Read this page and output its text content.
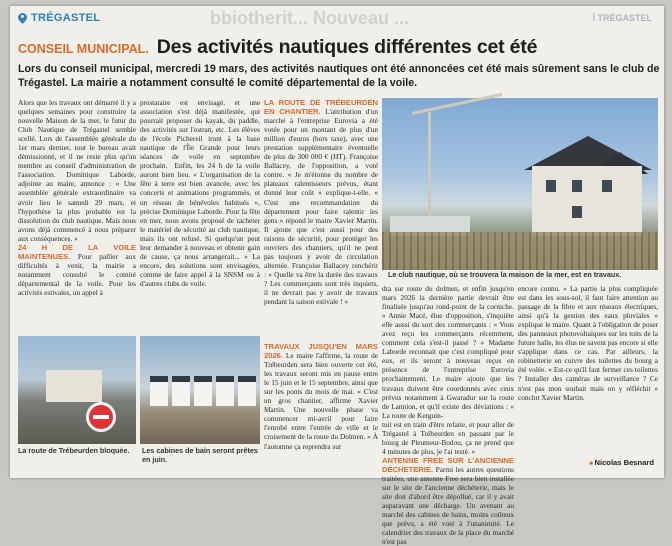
bbiotherit... Nouveau ...	Í TRÉGASTEL
TRÉGASTEL
CONSEIL MUNICIPAL. Des activités nautiques différentes cet été

Lors du conseil municipal, mercredi 19 mars, des activités nautiques ont été annoncées cet été mais sûrement sans le club de

Trégastel. La mairie a notamment consulté le comité départemental de la voile.

Alors que les travaux ont démarré il y a quelques semaines pour construire la nouvelle Maison de la mer, le futur du Club Nautique de Trégastel semble scellé. Lors de l'assemblée générale du 1er mars dernier, tout le bureau avait démissionné, et il ne reste plus qu'un membre au conseil d'administration de l'association. Dominique Laborde, adjointe au maire, annonce : « Une assemblée générale extraordinaire va avoir lieu le samedi 29 mars, et l'hypothèse la plus probable est la dissolution du club nautique. Mais nous avons déjà commencé à nous préparer aux conséquences. »

24 H DE LA VOILE MAINTENUES. Pour pallier aux difficultés à venir, la mairie a notamment consulté le comité départemental de la voile. Pour les activités estivales, un appel à

prestataire est envisagé, et une association s'est déjà manifestée, qui pourrait proposer du kayak, du paddle, des activités sur l'estran, etc. Les élèves de l'école Pichereil iront à la base nautique de l'Île Grande pour leurs séances de voile en septembre prochain.  Enfin, les 24 h de la voile auront bien lieu. « L'organisation de la fête à terre est bien avancée, avec les concerts et animations programmés, et un réseau de bénévoles habitués », précise Dominique Laborde. Pour la fête en mer, nous avons proposé de racheter le matériel de sécurité au club nautique, mais ils ont refusé. Si quelqu'un peut leur demander à nouveau et obtenir gain de cause, ça nous arrangerait... » La encore, des solutions sont envisagées, comme de faire appel à la SNSM ou à d'autres clubs de voile.

LA ROUTE DE TRÉBEURDEN EN CHANTIER. L'attribution d'un marché à l'entreprise Eurovia a été votée pour un montant de plus d'un million d'euros (hors taxe), avec une prestation supplémentaire éventuelle de plus de 300 000 € (HT). Françoise Ballacey, de l'opposition, a voté contre. « Je m'étonne du nombre de plateaux ralentisseurs prévus, étant donné leur coût » explique-t-elle. « C'est une recommandation du département pour faire ralentir les gens » répond le maire Xavier Martin. Il ajoute que c'est aussi pour des raisons de sécurité, pour protéger les ouvriers des chantiers, qu'il ne peut pas toujours y avoir de circulation alternée. Françoise Ballacey renchérit : « Quelle va être la durée des travaux ? Les commerçants sont très inquiets, il ne devrait pas y avoir de travaux pendant la saison estivale ! »

Le club nautique, où se trouvera la maison de la mer, est en travaux.
La route de Trébeurden bloquée.	Les cabines de bain seront prêtes en juin.

TRAVAUX JUSQU'EN MARS 2026. Le maire l'affirme, la route de Trébeurden sera bien ouverte cet été, les travaux seront mis en pause entre le 15 juin et le 15 septembre, ainsi que sur les ponts du mois de mai. « C'est un gros chantier, affirme Xavier Martin. Une nouvelle phase va commencer mi-avril pour faire l'enrobé entre l'entrée de ville et le croisement de la route du Dolmen. » À l'automne ça reprendra sur

dra sur route du dolmen, et enfin jusqu'en mars 2026 la dernière partie devrait être finalisée jusqu'au rond-point de la corniche. » Annie Macé, élue d'opposition, s'inquiète elle aussi du sort des commerçants : « Vous avez reçu les commerçants récemment, comment cela s'est-il passé ? » Madame Laborde reconnait que c'est compliqué pour eux, et ils seront à nouveau reçus en présence de l'entreprise Eurovia prochainement. Le maire ajoute que les travaux doivent être coordonnés avec ceux prévus notamment à Gwaradur sur la route de Lannion, et qu'il existe des déviations : « La route de Kerguin-

tuit est en train d'être refaite, et pour aller de Trégastel à Trébeurden en passant par le bourg de Pleumeur-Bodou, ça ne prend que 4 minutes de plus, je l'ai testé. »

ANTENNE FREE SUR L'ANCIENNE DÉCHETERIE. Parmi les autres questions traitées, une antenne Free sera bien installée sur le site de l'ancienne déchèterie, mais le site doit d'abord être dépollué, car il y avait auparavant une décharge. Un avenant au marché des cabines de bains, moins coûteux que prévu, a été voté à l'unanimité. Le calendrier des travaux de la place du marché n'est pas

encore connu. « La partie la plus compliquée est dans les sous-sol, il faut faire attention au passage de la fibre et aux réseaux électriques, ainsi qu'à la gestion des eaux pluviales » explique le maire. Quant à l'obligation de poser des panneaux photovoltaïques sur les toits de la future halle, les élus ne savent pas encore si elle s'applique dans ce cas. Par ailleurs, la robinetterie en cuivre des toilettes du bourg a été volée. « Est-ce qu'il faut fermer ces toilettes ? Installer des caméras de surveillance ? Ce n'est pas mon souhait mais on y réfléchit » conclut Xavier Martin.

■ Nicolas Besnard
